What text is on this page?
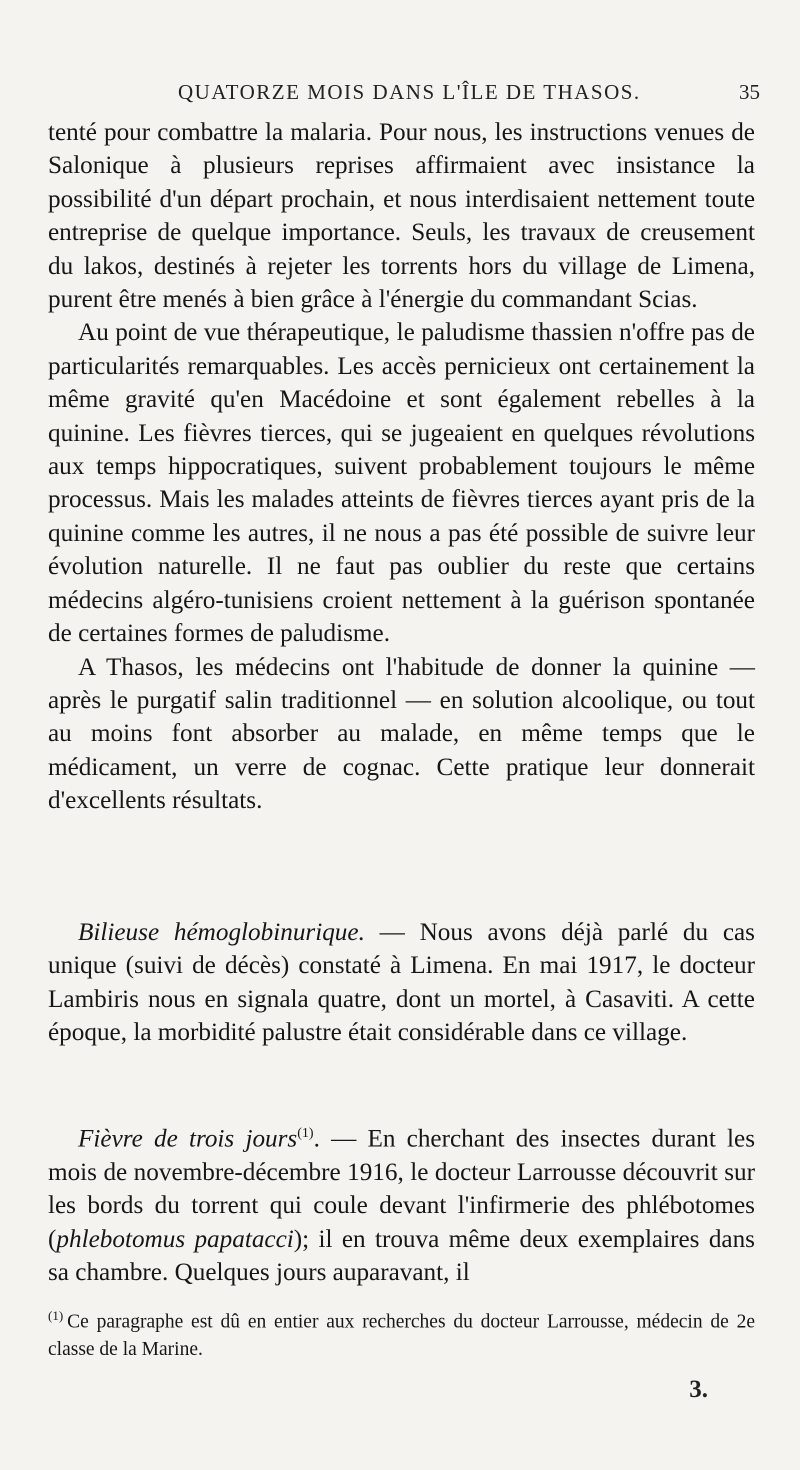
QUATORZE MOIS DANS L'ÎLE DE THASOS.	35

tenté pour combattre la malaria. Pour nous, les instructions venues de Salonique à plusieurs reprises affirmaient avec insistance la possibilité d'un départ prochain, et nous interdisaient nettement toute entreprise de quelque importance. Seuls, les travaux de creusement du lakos, destinés à rejeter les torrents hors du village de Limena, purent être menés à bien grâce à l'énergie du commandant Scias.

Au point de vue thérapeutique, le paludisme thassien n'offre pas de particularités remarquables. Les accès pernicieux ont certainement la même gravité qu'en Macédoine et sont également rebelles à la quinine. Les fièvres tierces, qui se jugeaient en quelques révolutions aux temps hippocratiques, suivent probablement toujours le même processus. Mais les malades atteints de fièvres tierces ayant pris de la quinine comme les autres, il ne nous a pas été possible de suivre leur évolution naturelle. Il ne faut pas oublier du reste que certains médecins algéro-tunisiens croient nettement à la guérison spontanée de certaines formes de paludisme.

A Thasos, les médecins ont l'habitude de donner la quinine — après le purgatif salin traditionnel — en solution alcoolique, ou tout au moins font absorber au malade, en même temps que le médicament, un verre de cognac. Cette pratique leur donnerait d'excellents résultats.

Bilieuse hémoglobinurique. — Nous avons déjà parlé du cas unique (suivi de décès) constaté à Limena. En mai 1917, le docteur Lambiris nous en signala quatre, dont un mortel, à Casaviti. A cette époque, la morbidité palustre était considérable dans ce village.

Fièvre de trois jours$^{(1)}$. — En cherchant des insectes durant les mois de novembre-décembre 1916, le docteur Larrousse découvrit sur les bords du torrent qui coule devant l'infirmerie des phlébotomes (phlebotomus papatacci); il en trouva même deux exemplaires dans sa chambre. Quelques jours auparavant, il

$^{(1)}$ Ce paragraphe est dû en entier aux recherches du docteur Larrousse, médecin de 2e classe de la Marine.
3.
